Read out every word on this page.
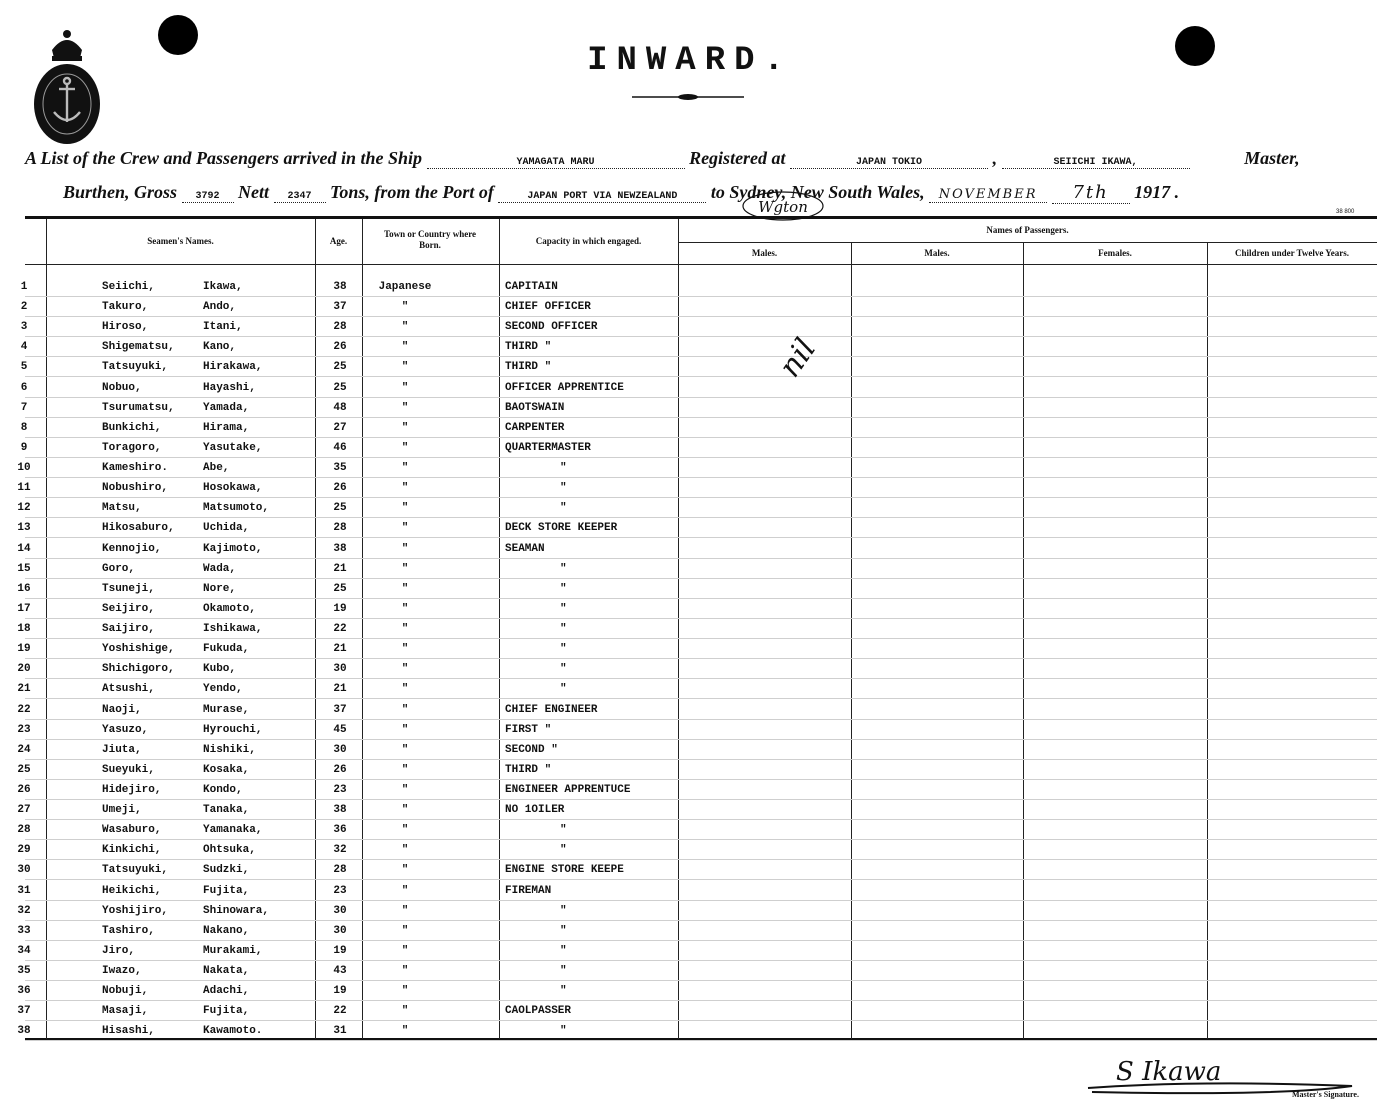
INWARD.
A List of the Crew and Passengers arrived in the Ship	YAMAGATA MARU	Registered at	JAPAN TOKIO	,	SEIICHI IKAWA,	Master,
Burthen, Gross 3792 Nett 2347 Tons, from the Port of	JAPAN PORT VIA NEWZEALAND to Sydney, New South Wales, NOVEMBER 7th 1917 .
Wgton	38 800
Seamen's Names.	Age.
Town or Country where Born.	Capacity in which engaged.
Names of Passengers.
Males.	Males.	Females.	Children under Twelve Years.
1	Seiichi,	Ikawa,	38	Japanese	CAPITAIN
2	Takuro,	Ando,	37	"	CHIEF OFFICER
3	Hiroso,	Itani,	28	"	SECOND OFFICER
4	Shigematsu,	Kano,	26	"	THIRD "
5	Tatsuyuki,	Hirakawa,	25	"	THIRD "
6	Nobuo,	Hayashi,	25	"	OFFICER APPRENTICE
7	Tsurumatsu,	Yamada,	48	"	BAOTSWAIN
8	Bunkichi,	Hirama,	27	"	CARPENTER
9	Toragoro,	Yasutake,	46	"	QUARTERMASTER
10	Kameshiro.	Abe,	35	"	"
11	Nobushiro,	Hosokawa,	26	"	"
12	Matsu,	Matsumoto,	25	"	"
13	Hikosaburo,	Uchida,	28	"	DECK STORE KEEPER
14	Kennojio,	Kajimoto,	38	"	SEAMAN
15	Goro,	Wada,	21	"	"
16	Tsuneji,	Nore,	25	"	"
17	Seijiro,	Okamoto,	19	"	"
18	Saijiro,	Ishikawa,	22	"	"
19	Yoshishige,	Fukuda,	21	"	"
20	Shichigoro,	Kubo,	30	"	"
21	Atsushi,	Yendo,	21	"	"
22	Naoji,	Murase,	37	"	CHIEF ENGINEER
23	Yasuzo,	Hyrouchi,	45	"	FIRST "
24	Jiuta,	Nishiki,	30	"	SECOND "
25	Sueyuki,	Kosaka,	26	"	THIRD "
26	Hidejiro,	Kondo,	23	"	ENGINEER APPRENTUCE
27	Umeji,	Tanaka,	38	"	NO 1OILER
28	Wasaburo,	Yamanaka,	36	"	"
29	Kinkichi,	Ohtsuka,	32	"	"
30	Tatsuyuki,	Sudzki,	28	"	ENGINE STORE KEEPE
31	Heikichi,	Fujita,	23	"	FIREMAN
32	Yoshijiro,	Shinowara,	30	"	"
33	Tashiro,	Nakano,	30	"	"
34	Jiro,	Murakami,	19	"	"
35	Iwazo,	Nakata,	43	"	"
36	Nobuji,	Adachi,	19	"	"
37	Masaji,	Fujita,	22	"	CAOLPASSER
38	Hisashi,	Kawamoto.	31	"	"
nil
S Ikawa
Master's Signature.
